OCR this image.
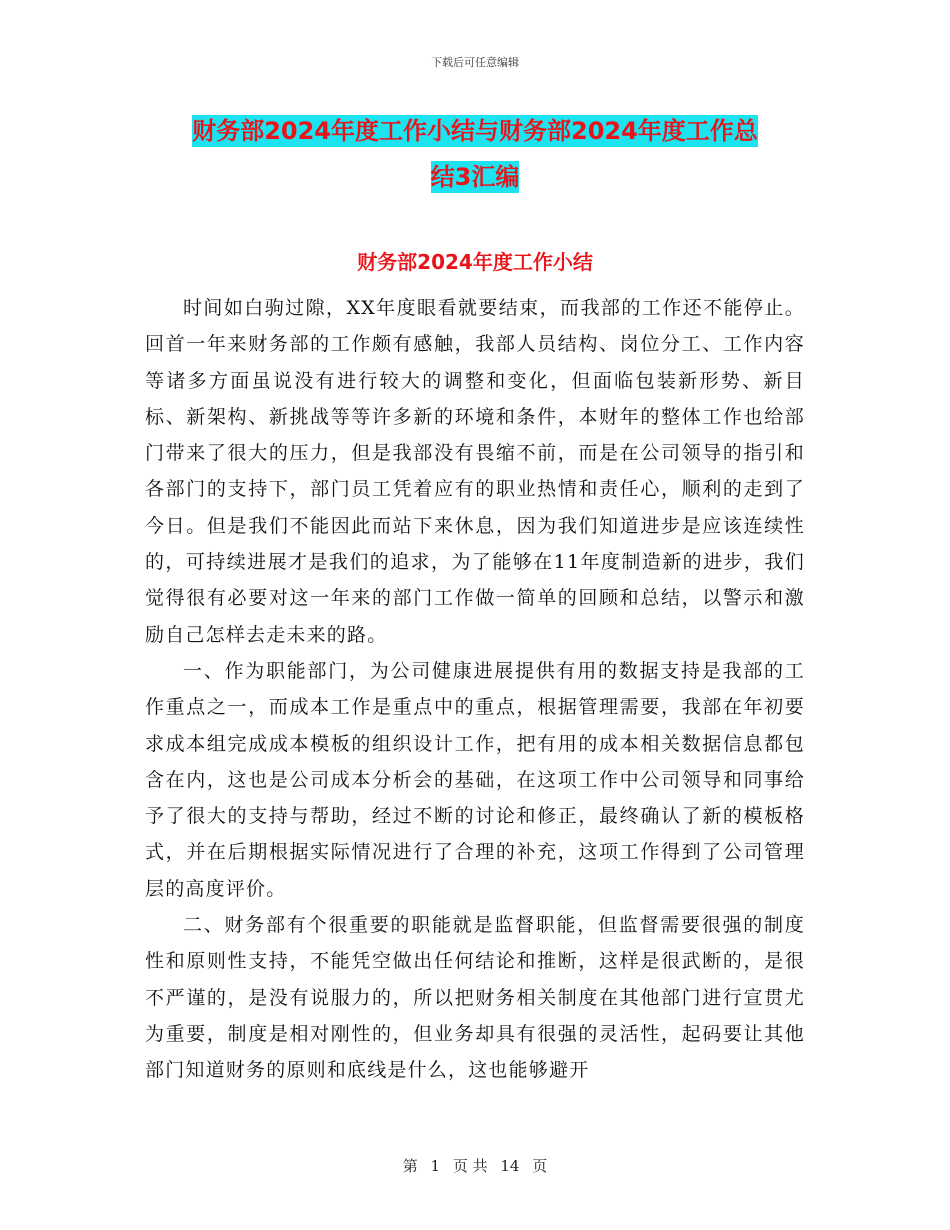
下载后可任意编辑
财务部2024年度工作小结与财务部2024年度工作总
结3汇编
财务部2024年度工作小结

时间如白驹过隙，XX年度眼看就要结束，而我部的工作还不能停止。回首一年来财务部的工作颇有感触，我部人员结构、岗位分工、工作内容等诸多方面虽说没有进行较大的调整和变化，但面临包装新形势、新目标、新架构、新挑战等等许多新的环境和条件，本财年的整体工作也给部门带来了很大的压力，但是我部没有畏缩不前，而是在公司领导的指引和各部门的支持下，部门员工凭着应有的职业热情和责任心，顺利的走到了今日。但是我们不能因此而站下来休息，因为我们知道进步是应该连续性的，可持续进展才是我们的追求，为了能够在11年度制造新的进步，我们觉得很有必要对这一年来的部门工作做一简单的回顾和总结，以警示和激励自己怎样去走未来的路。

一、作为职能部门，为公司健康进展提供有用的数据支持是我部的工作重点之一，而成本工作是重点中的重点，根据管理需要，我部在年初要求成本组完成成本模板的组织设计工作，把有用的成本相关数据信息都包含在内，这也是公司成本分析会的基础，在这项工作中公司领导和同事给予了很大的支持与帮助，经过不断的讨论和修正，最终确认了新的模板格式，并在后期根据实际情况进行了合理的补充，这项工作得到了公司管理层的高度评价。

二、财务部有个很重要的职能就是监督职能，但监督需要很强的制度性和原则性支持，不能凭空做出任何结论和推断，这样是很武断的，是很不严谨的，是没有说服力的，所以把财务相关制度在其他部门进行宣贯尤为重要，制度是相对刚性的，但业务却具有很强的灵活性，起码要让其他部门知道财务的原则和底线是什么，这也能够避开

第 1 页 共 14 页
